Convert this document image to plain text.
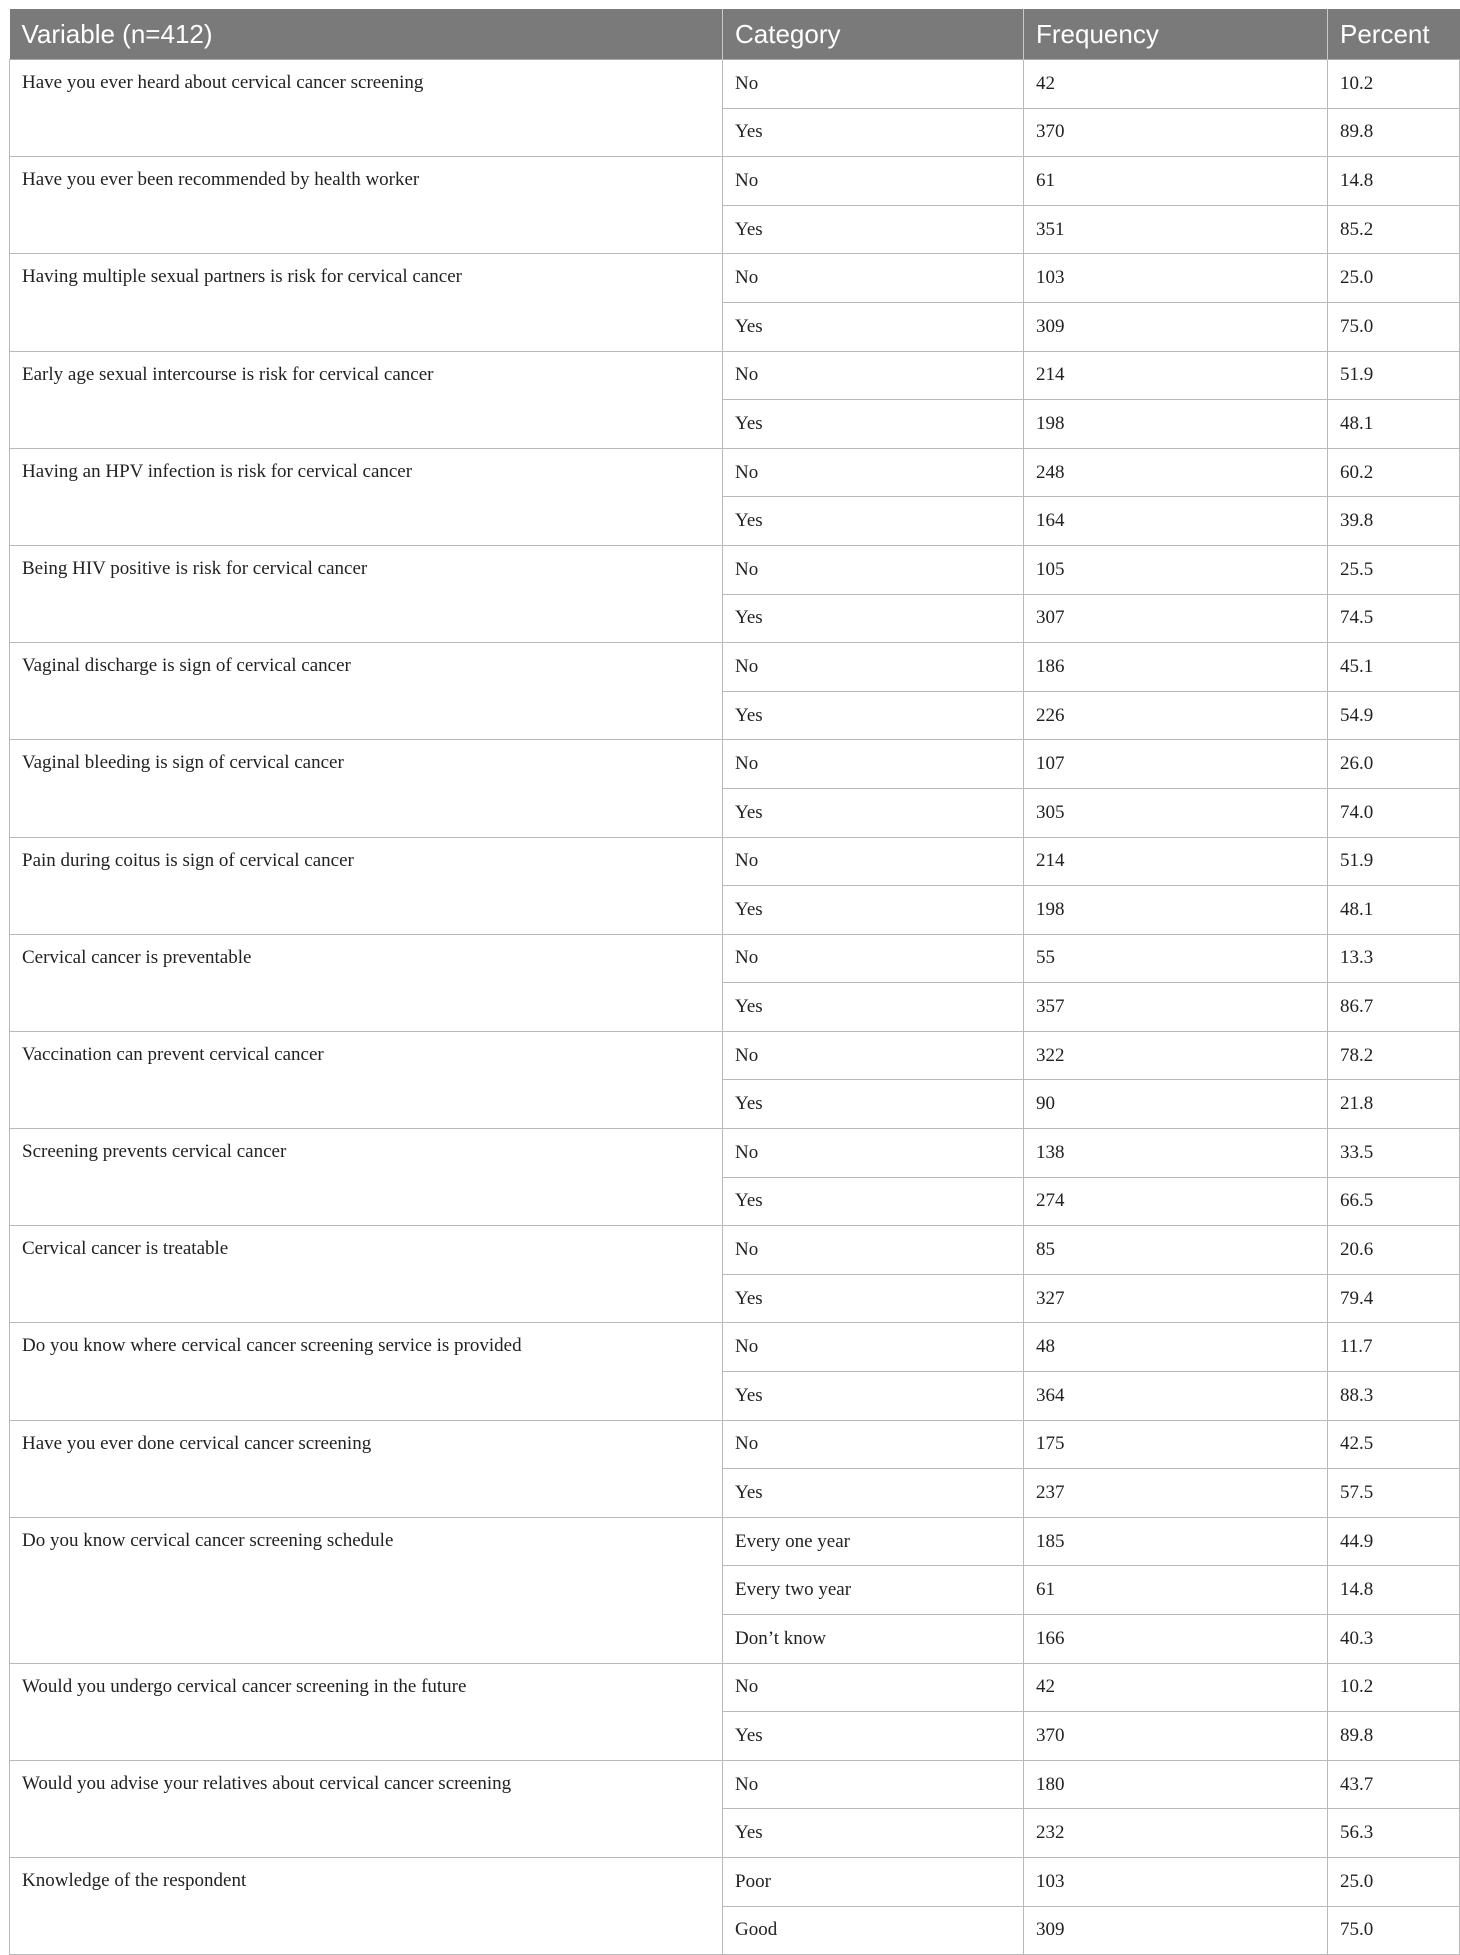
Variable (n=412)	Category	Frequency	Percent
Have you ever heard about cervical cancer screening	No	42	10.2
	Yes	370	89.8
Have you ever been recommended by health worker	No	61	14.8
	Yes	351	85.2
Having multiple sexual partners is risk for cervical cancer	No	103	25.0
	Yes	309	75.0
Early age sexual intercourse is risk for cervical cancer	No	214	51.9
	Yes	198	48.1
Having an HPV infection is risk for cervical cancer	No	248	60.2
	Yes	164	39.8
Being HIV positive is risk for cervical cancer	No	105	25.5
	Yes	307	74.5
Vaginal discharge is sign of cervical cancer	No	186	45.1
	Yes	226	54.9
Vaginal bleeding is sign of cervical cancer	No	107	26.0
	Yes	305	74.0
Pain during coitus is sign of cervical cancer	No	214	51.9
	Yes	198	48.1
Cervical cancer is preventable	No	55	13.3
	Yes	357	86.7
Vaccination can prevent cervical cancer	No	322	78.2
	Yes	90	21.8
Screening prevents cervical cancer	No	138	33.5
	Yes	274	66.5
Cervical cancer is treatable	No	85	20.6
	Yes	327	79.4
Do you know where cervical cancer screening service is provided	No	48	11.7
	Yes	364	88.3
Have you ever done cervical cancer screening	No	175	42.5
	Yes	237	57.5
Do you know cervical cancer screening schedule	Every one year	185	44.9
	Every two year	61	14.8
	Don’t know	166	40.3
Would you undergo cervical cancer screening in the future	No	42	10.2
	Yes	370	89.8
Would you advise your relatives about cervical cancer screening	No	180	43.7
	Yes	232	56.3
Knowledge of the respondent	Poor	103	25.0
	Good	309	75.0
